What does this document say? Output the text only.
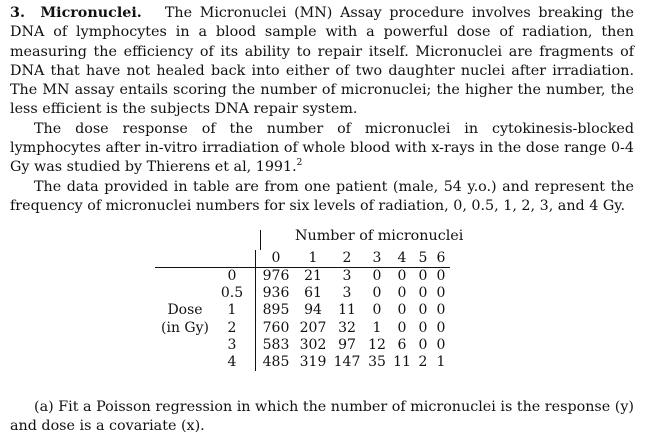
3. Micronuclei. The Micronuclei (MN) Assay procedure involves breaking the DNA of lymphocytes in a blood sample with a powerful dose of radiation, then measuring the efficiency of its ability to repair itself. Micronuclei are fragments of DNA that have not healed back into either of two daughter nuclei after irradiation. The MN assay entails scoring the number of micronuclei; the higher the number, the less efficient is the subjects DNA repair system.

The dose response of the number of micronuclei in cytokinesis-blocked lymphocytes after in-vitro irradiation of whole blood with x-rays in the dose range 0-4 Gy was studied by Thierens et al, 1991.$^2$

The data provided in table are from one patient (male, 54 y.o.) and represent the frequency of micronuclei numbers for six levels of radiation, 0, 0.5, 1, 2, 3, and 4 Gy.

Number of micronuclei
		0	1	2	3	4	5	6
	0	976	21	3	0	0	0	0
	0.5	936	61	3	0	0	0	0
Dose	1	895	94	11	0	0	0	0
(in Gy)	2	760	207	32	1	0	0	0
	3	583	302	97	12	6	0	0
	4	485	319	147	35	11	2	1

(a) Fit a Poisson regression in which the number of micronuclei is the response (y) and dose is a covariate (x).
